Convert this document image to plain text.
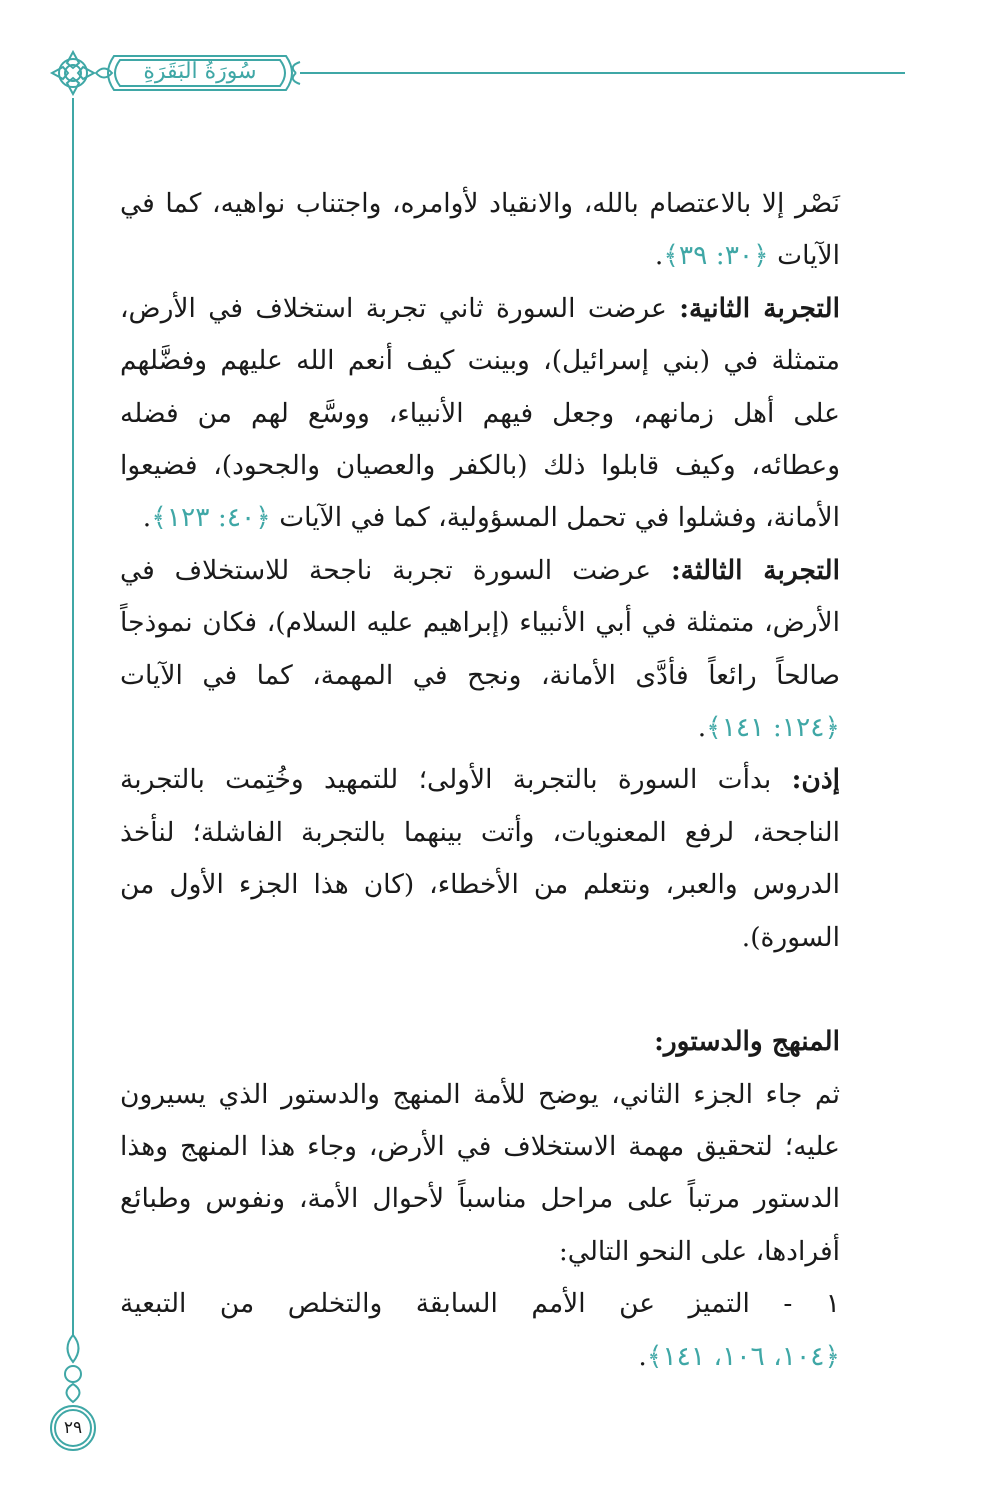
سُورَةُ البَقَرَةِ
٢٩

نَصْر إلا بالاعتصام بالله، والانقياد لأوامره، واجتناب نواهيه، كما في الآيات ﴿٣٠: ٣٩﴾.

التجربة الثانية: عرضت السورة ثاني تجربة استخلاف في الأرض، متمثلة في (بني إسرائيل)، وبينت كيف أنعم الله عليهم وفضَّلهم على أهل زمانهم، وجعل فيهم الأنبياء، ووسَّع لهم من فضله وعطائه، وكيف قابلوا ذلك (بالكفر والعصيان والجحود)، فضيعوا الأمانة، وفشلوا في تحمل المسؤولية، كما في الآيات ﴿٤٠: ١٢٣﴾.

التجربة الثالثة: عرضت السورة تجربة ناجحة للاستخلاف في الأرض، متمثلة في أبي الأنبياء (إبراهيم عليه السلام)، فكان نموذجاً صالحاً رائعاً فأدَّى الأمانة، ونجح في المهمة، كما في الآيات ﴿١٢٤: ١٤١﴾.

إذن: بدأت السورة بالتجربة الأولى؛ للتمهيد وخُتِمت بالتجربة الناجحة، لرفع المعنويات، وأتت بينهما بالتجربة الفاشلة؛ لنأخذ الدروس والعبر، ونتعلم من الأخطاء، (كان هذا الجزء الأول من السورة).

المنهج والدستور:

ثم جاء الجزء الثاني، يوضح للأمة المنهج والدستور الذي يسيرون عليه؛ لتحقيق مهمة الاستخلاف في الأرض، وجاء هذا المنهج وهذا الدستور مرتباً على مراحل مناسباً لأحوال الأمة، ونفوس وطبائع أفرادها، على النحو التالي:

١ - التميز عن الأمم السابقة والتخلص من التبعية ﴿١٠٤، ١٠٦، ١٤١﴾.
